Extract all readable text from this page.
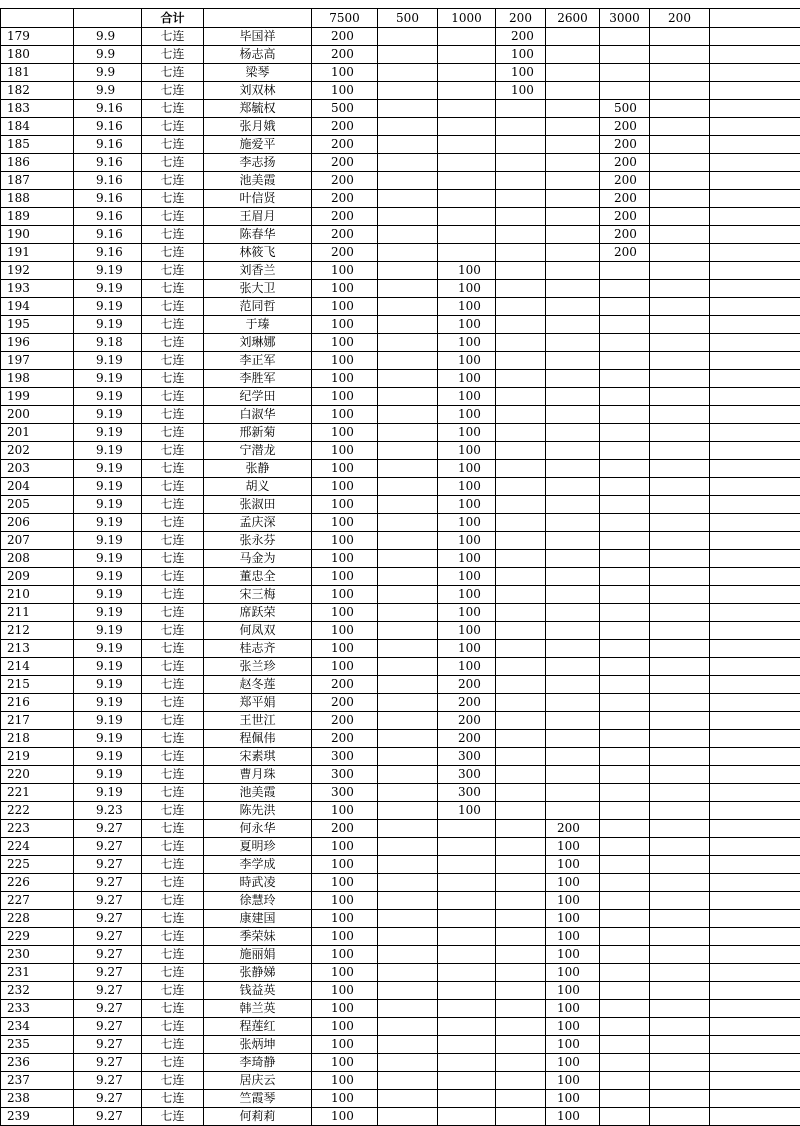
		合计		7500	500	1000	200	2600	3000	200	
179	9.9	七连	毕国祥	200			200				
180	9.9	七连	杨志高	200			100				
181	9.9	七连	梁琴	100			100				
182	9.9	七连	刘双林	100			100				
183	9.16	七连	郑毓权	500					500		
184	9.16	七连	张月娥	200					200		
185	9.16	七连	施爱平	200					200		
186	9.16	七连	李志扬	200					200		
187	9.16	七连	池美霞	200					200		
188	9.16	七连	叶信贤	200					200		
189	9.16	七连	王眉月	200					200		
190	9.16	七连	陈春华	200					200		
191	9.16	七连	林筱飞	200					200		
192	9.19	七连	刘香兰	100		100					
193	9.19	七连	张大卫	100		100					
194	9.19	七连	范同哲	100		100					
195	9.19	七连	于瑧	100		100					
196	9.18	七连	刘琳娜	100		100					
197	9.19	七连	李正军	100		100					
198	9.19	七连	李胜军	100		100					
199	9.19	七连	纪学田	100		100					
200	9.19	七连	白淑华	100		100					
201	9.19	七连	邢新菊	100		100					
202	9.19	七连	宁潜龙	100		100					
203	9.19	七连	张静	100		100					
204	9.19	七连	胡义	100		100					
205	9.19	七连	张淑田	100		100					
206	9.19	七连	孟庆深	100		100					
207	9.19	七连	张永芬	100		100					
208	9.19	七连	马金为	100		100					
209	9.19	七连	董忠全	100		100					
210	9.19	七连	宋三梅	100		100					
211	9.19	七连	席跃荣	100		100					
212	9.19	七连	何凤双	100		100					
213	9.19	七连	桂志齐	100		100					
214	9.19	七连	张兰珍	100		100					
215	9.19	七连	赵冬莲	200		200					
216	9.19	七连	郑平娟	200		200					
217	9.19	七连	王世江	200		200					
218	9.19	七连	程佩伟	200		200					
219	9.19	七连	宋素琪	300		300					
220	9.19	七连	曹月珠	300		300					
221	9.19	七连	池美霞	300		300					
222	9.23	七连	陈先洪	100		100					
223	9.27	七连	何永华	200				200			
224	9.27	七连	夏明珍	100				100			
225	9.27	七连	李学成	100				100			
226	9.27	七连	時武凌	100				100			
227	9.27	七连	徐慧玲	100				100			
228	9.27	七连	康建国	100				100			
229	9.27	七连	季荣妹	100				100			
230	9.27	七连	施丽娟	100				100			
231	9.27	七连	张静娣	100				100			
232	9.27	七连	钱益英	100				100			
233	9.27	七连	韩兰英	100				100			
234	9.27	七连	程莲红	100				100			
235	9.27	七连	张炳坤	100				100			
236	9.27	七连	李琦静	100				100			
237	9.27	七连	居庆云	100				100			
238	9.27	七连	竺霞琴	100				100			
239	9.27	七连	何莉莉	100				100			
